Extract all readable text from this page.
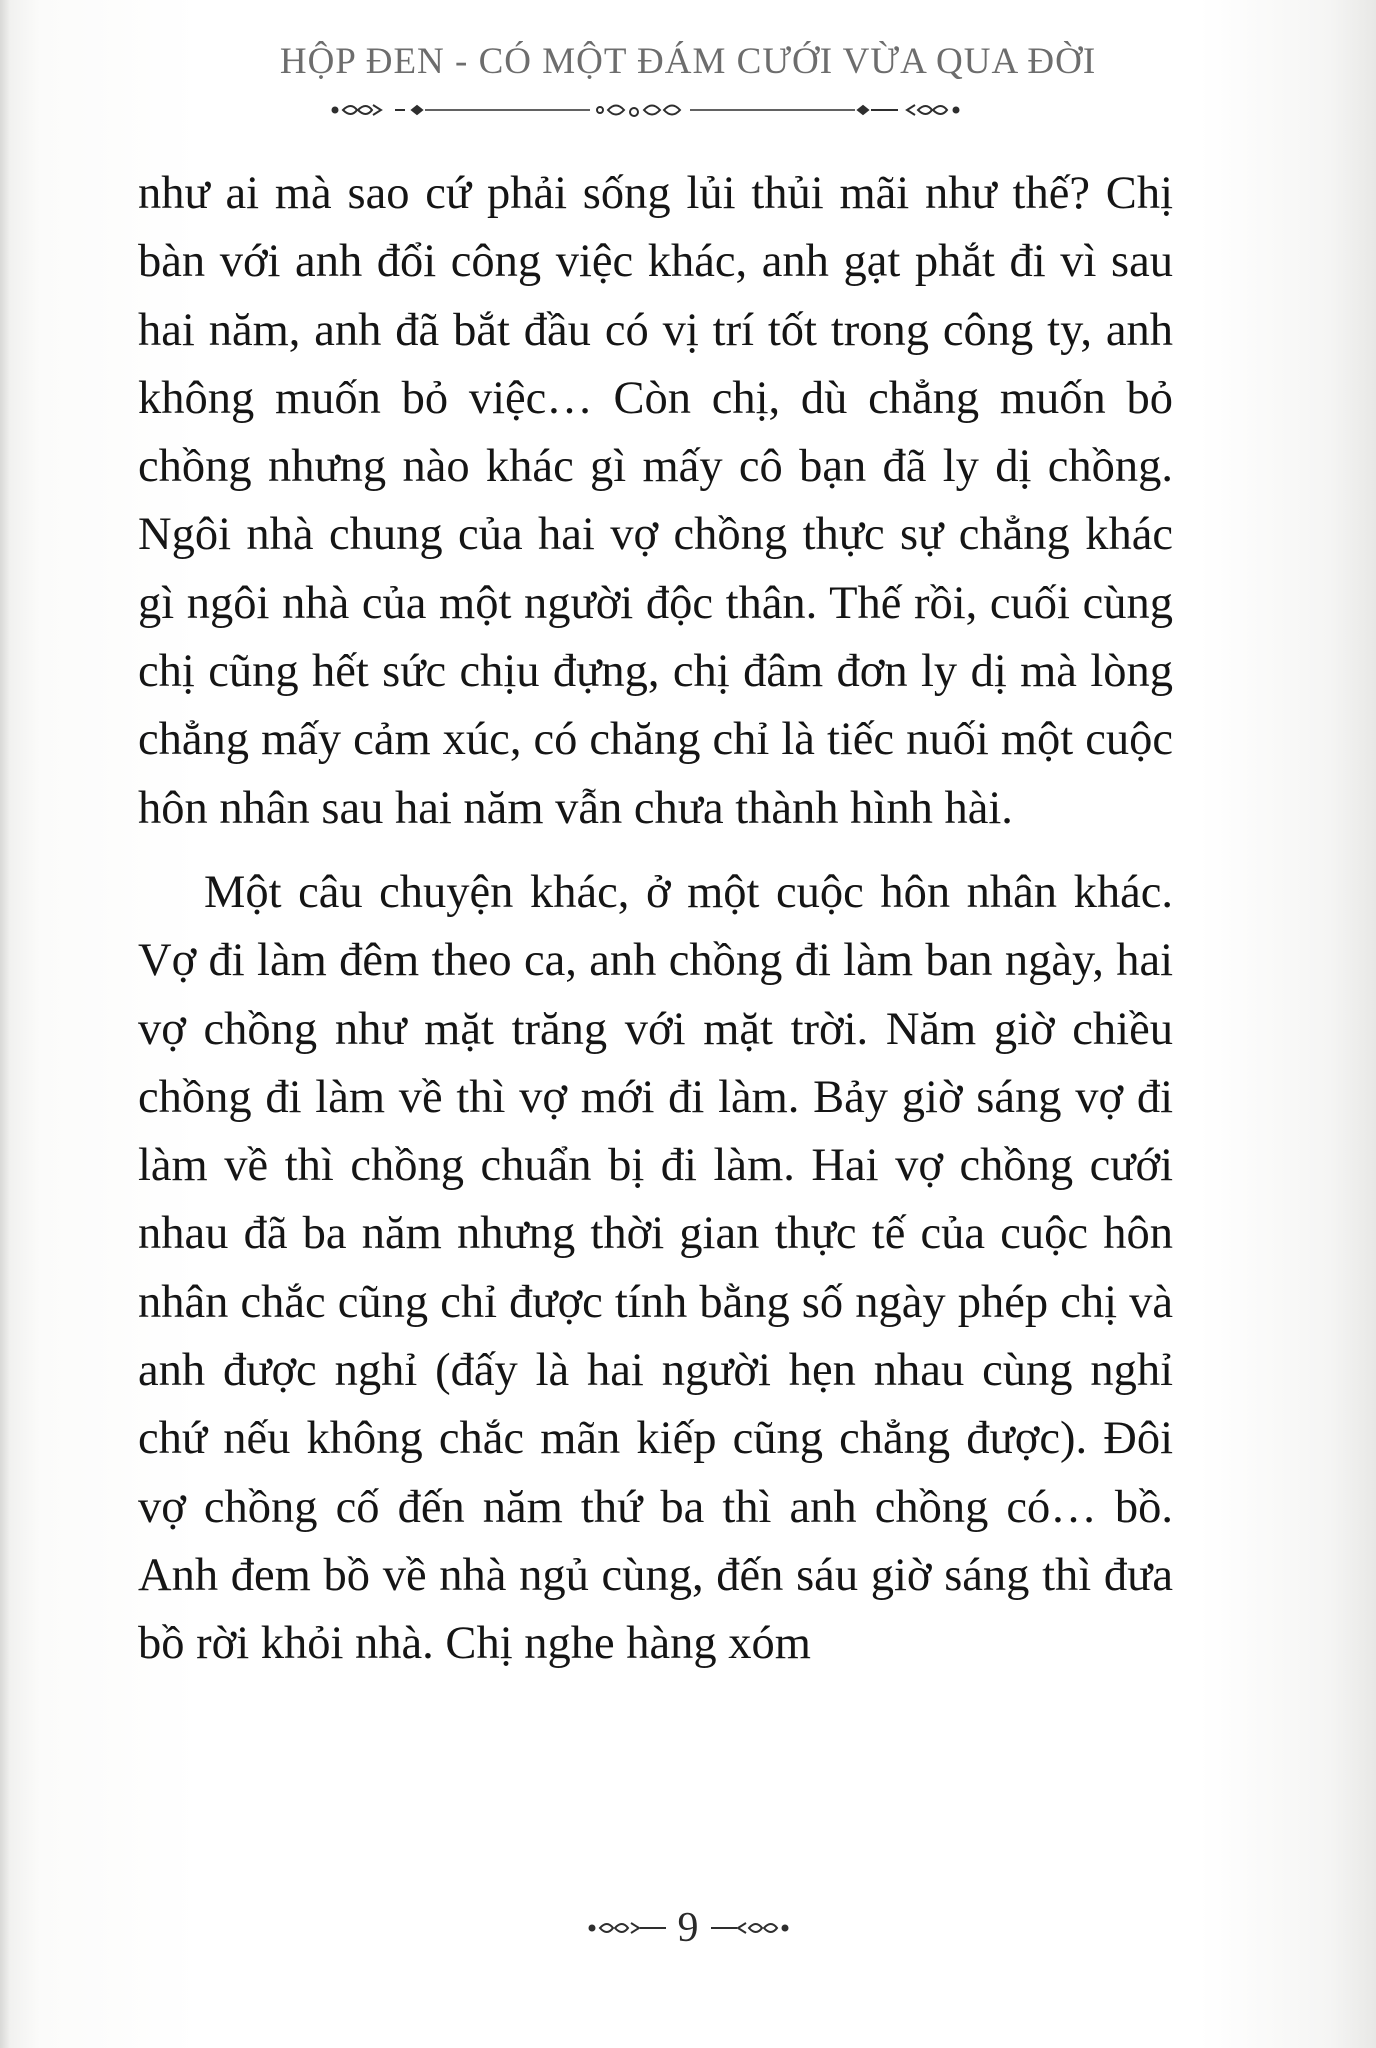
HỘP ĐEN - CÓ MỘT ĐÁM CƯỚI VỪA QUA ĐỜI

như ai mà sao cứ phải sống lủi thủi mãi như thế? Chị bàn với anh đổi công việc khác, anh gạt phắt đi vì sau hai năm, anh đã bắt đầu có vị trí tốt trong công ty, anh không muốn bỏ việc… Còn chị, dù chẳng muốn bỏ chồng nhưng nào khác gì mấy cô bạn đã ly dị chồng. Ngôi nhà chung của hai vợ chồng thực sự chẳng khác gì ngôi nhà của một người độc thân. Thế rồi, cuối cùng chị cũng hết sức chịu đựng, chị đâm đơn ly dị mà lòng chẳng mấy cảm xúc, có chăng chỉ là tiếc nuối một cuộc hôn nhân sau hai năm vẫn chưa thành hình hài.

Một câu chuyện khác, ở một cuộc hôn nhân khác. Vợ đi làm đêm theo ca, anh chồng đi làm ban ngày, hai vợ chồng như mặt trăng với mặt trời. Năm giờ chiều chồng đi làm về thì vợ mới đi làm. Bảy giờ sáng vợ đi làm về thì chồng chuẩn bị đi làm. Hai vợ chồng cưới nhau đã ba năm nhưng thời gian thực tế của cuộc hôn nhân chắc cũng chỉ được tính bằng số ngày phép chị và anh được nghỉ (đấy là hai người hẹn nhau cùng nghỉ chứ nếu không chắc mãn kiếp cũng chẳng được). Đôi vợ chồng cố đến năm thứ ba thì anh chồng có… bồ. Anh đem bồ về nhà ngủ cùng, đến sáu giờ sáng thì đưa bồ rời khỏi nhà. Chị nghe hàng xóm

9
